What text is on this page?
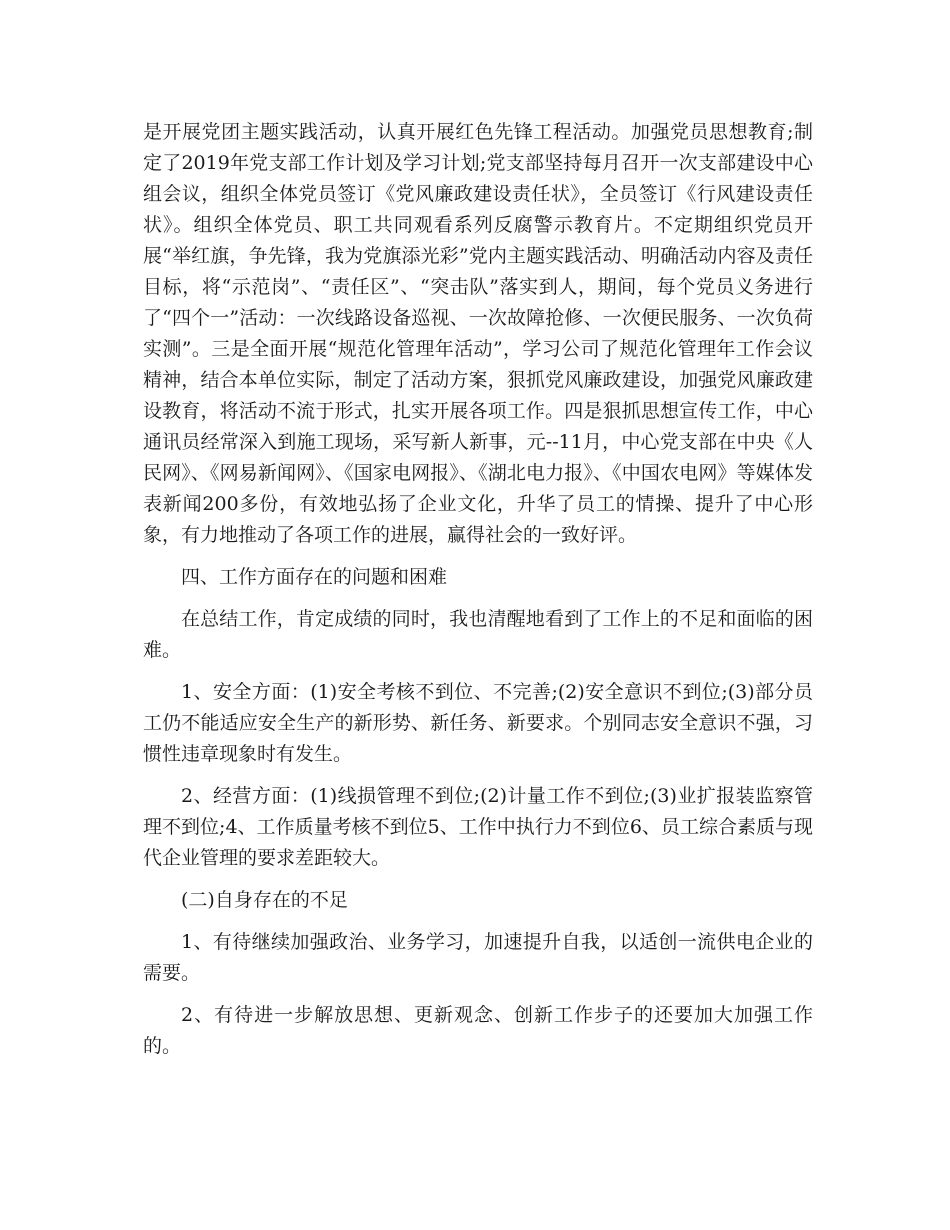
是开展党团主题实践活动，认真开展红色先锋工程活动。加强党员思想教育;制定了2019年党支部工作计划及学习计划;党支部坚持每月召开一次支部建设中心组会议，组织全体党员签订《党风廉政建设责任状》，全员签订《行风建设责任状》。组织全体党员、职工共同观看系列反腐警示教育片。不定期组织党员开展“举红旗，争先锋，我为党旗添光彩”党内主题实践活动、明确活动内容及责任目标，将“示范岗”、“责任区”、“突击队”落实到人，期间，每个党员义务进行了“四个一”活动：一次线路设备巡视、一次故障抢修、一次便民服务、一次负荷实测”。三是全面开展“规范化管理年活动”，学习公司了规范化管理年工作会议精神，结合本单位实际，制定了活动方案，狠抓党风廉政建设，加强党风廉政建设教育，将活动不流于形式，扎实开展各项工作。四是狠抓思想宣传工作，中心通讯员经常深入到施工现场，采写新人新事，元--11月，中心党支部在中央《人民网》、《网易新闻网》、《国家电网报》、《湖北电力报》、《中国农电网》等媒体发表新闻200多份，有效地弘扬了企业文化，升华了员工的情操、提升了中心形象，有力地推动了各项工作的进展，赢得社会的一致好评。

四、工作方面存在的问题和困难

在总结工作，肯定成绩的同时，我也清醒地看到了工作上的不足和面临的困难。

1、安全方面：(1)安全考核不到位、不完善;(2)安全意识不到位;(3)部分员工仍不能适应安全生产的新形势、新任务、新要求。个别同志安全意识不强，习惯性违章现象时有发生。

2、经营方面：(1)线损管理不到位;(2)计量工作不到位;(3)业扩报装监察管理不到位;4、工作质量考核不到位5、工作中执行力不到位6、员工综合素质与现代企业管理的要求差距较大。

(二)自身存在的不足

1、有待继续加强政治、业务学习，加速提升自我，以适创一流供电企业的需要。

2、有待进一步解放思想、更新观念、创新工作步子的还要加大加强工作的。
